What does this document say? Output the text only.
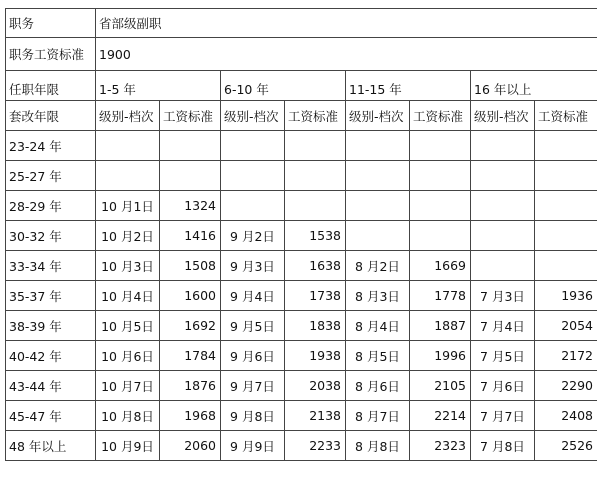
职务	省部级副职							
职务工资标准	1900							
任职年限	1-5 年		6-10 年		11-15 年		16 年以上	
套改年限	级别-档次	工资标准	级别-档次	工资标准	级别-档次	工资标准	级别-档次	工资标准
23-24 年								
25-27 年								
28-29 年	10 月1日	1324						
30-32 年	10 月2日	1416	9 月2日	1538				
33-34 年	10 月3日	1508	9 月3日	1638	8 月2日	1669		
35-37 年	10 月4日	1600	9 月4日	1738	8 月3日	1778	7 月3日	1936
38-39 年	10 月5日	1692	9 月5日	1838	8 月4日	1887	7 月4日	2054
40-42 年	10 月6日	1784	9 月6日	1938	8 月5日	1996	7 月5日	2172
43-44 年	10 月7日	1876	9 月7日	2038	8 月6日	2105	7 月6日	2290
45-47 年	10 月8日	1968	9 月8日	2138	8 月7日	2214	7 月7日	2408
48 年以上	10 月9日	2060	9 月9日	2233	8 月8日	2323	7 月8日	2526
